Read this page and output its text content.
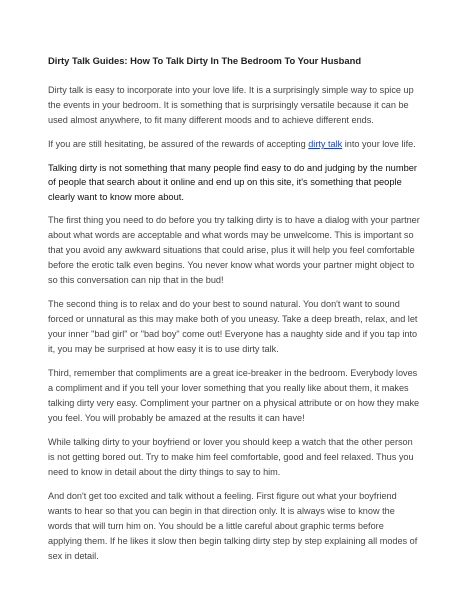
Dirty Talk Guides: How To Talk Dirty In The Bedroom To Your Husband

Dirty talk is easy to incorporate into your love life. It is a surprisingly simple way to spice up the events in your bedroom. It is something that is surprisingly versatile because it can be used almost anywhere, to fit many different moods and to achieve different ends.

If you are still hesitating, be assured of the rewards of accepting dirty talk into your love life.

Talking dirty is not something that many people find easy to do and judging by the number of people that search about it online and end up on this site, it's something that people clearly want to know more about.

The first thing you need to do before you try talking dirty is to have a dialog with your partner about what words are acceptable and what words may be unwelcome. This is important so that you avoid any awkward situations that could arise, plus it will help you feel comfortable before the erotic talk even begins. You never know what words your partner might object to so this conversation can nip that in the bud!

The second thing is to relax and do your best to sound natural. You don't want to sound forced or unnatural as this may make both of you uneasy. Take a deep breath, relax, and let your inner "bad girl" or "bad boy" come out! Everyone has a naughty side and if you tap into it, you may be surprised at how easy it is to use dirty talk.

Third, remember that compliments are a great ice-breaker in the bedroom. Everybody loves a compliment and if you tell your lover something that you really like about them, it makes talking dirty very easy. Compliment your partner on a physical attribute or on how they make you feel. You will probably be amazed at the results it can have!

While talking dirty to your boyfriend or lover you should keep a watch that the other person is not getting bored out. Try to make him feel comfortable, good and feel relaxed. Thus you need to know in detail about the dirty things to say to him.

And don't get too excited and talk without a feeling. First figure out what your boyfriend wants to hear so that you can begin in that direction only. It is always wise to know the words that will turn him on. You should be a little careful about graphic terms before applying them. If he likes it slow then begin talking dirty step by step explaining all modes of sex in detail.
